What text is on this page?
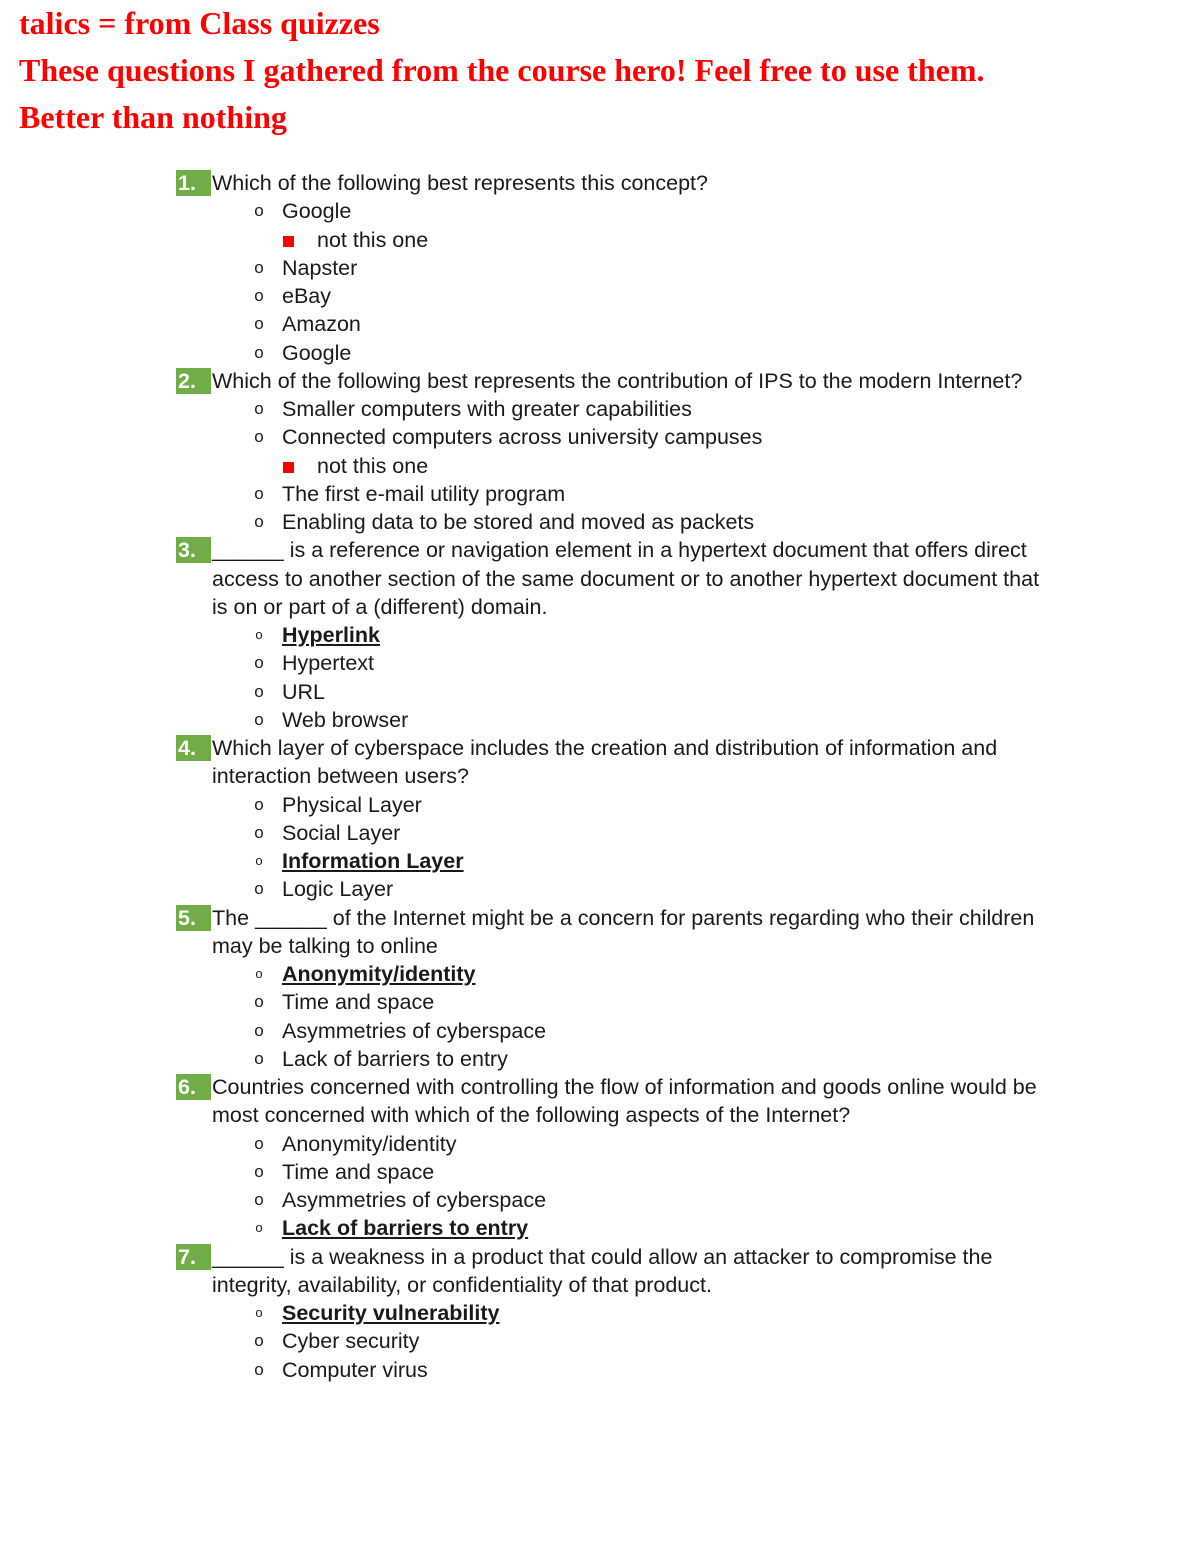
talics = from Class quizzes
These questions I gathered from the course hero! Feel free to use them.
Better than nothing
1. Which of the following best represents this concept?
o Google
not this one
o Napster
o eBay
o Amazon
o Google
2. Which of the following best represents the contribution of IPS to the modern Internet?
o Smaller computers with greater capabilities
o Connected computers across university campuses
not this one
o The first e-mail utility program
o Enabling data to be stored and moved as packets
3. ______ is a reference or navigation element in a hypertext document that offers direct access to another section of the same document or to another hypertext document that is on or part of a (different) domain.
o Hyperlink
o Hypertext
o URL
o Web browser
4. Which layer of cyberspace includes the creation and distribution of information and interaction between users?
o Physical Layer
o Social Layer
o Information Layer
o Logic Layer
5. The ______ of the Internet might be a concern for parents regarding who their children may be talking to online
o Anonymity/identity
o Time and space
o Asymmetries of cyberspace
o Lack of barriers to entry
6. Countries concerned with controlling the flow of information and goods online would be most concerned with which of the following aspects of the Internet?
o Anonymity/identity
o Time and space
o Asymmetries of cyberspace
o Lack of barriers to entry
7. ______ is a weakness in a product that could allow an attacker to compromise the integrity, availability, or confidentiality of that product.
o Security vulnerability
o Cyber security
o Computer virus
